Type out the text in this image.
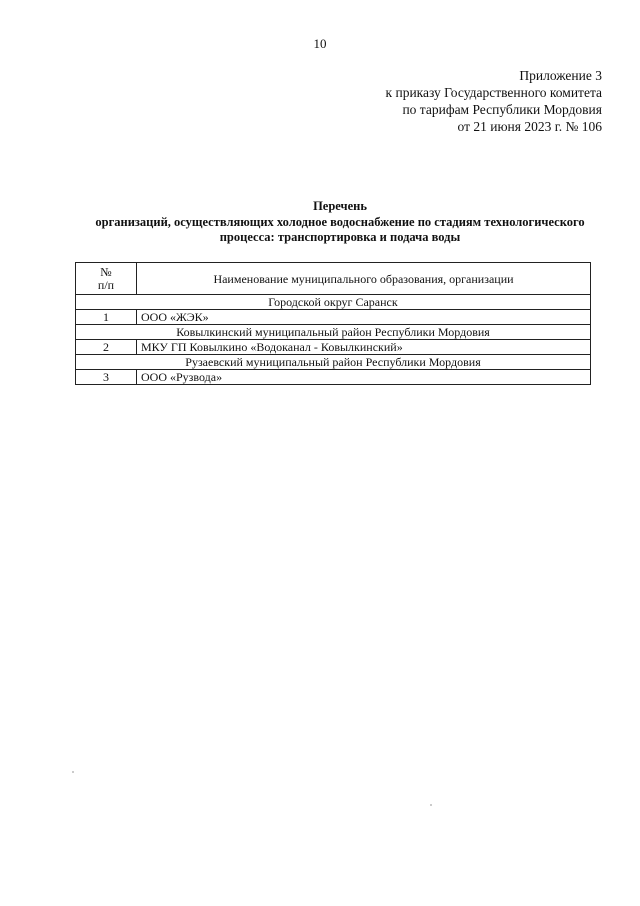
10
Приложение 3
к приказу Государственного комитета
по тарифам Республики Мордовия
от 21 июня 2023 г. № 106
Перечень
организаций, осуществляющих холодное водоснабжение по стадиям технологического
процесса: транспортировка и подача воды
№
п/п	Наименование муниципального образования, организации
Городской округ Саранск	
1	ООО «ЖЭК»
Ковылкинский муниципальный район Республики Мордовия	
2	МКУ ГП Ковылкино «Водоканал - Ковылкинский»
Рузаевский муниципальный район Республики Мордовия	
3	ООО «Рузвода»
